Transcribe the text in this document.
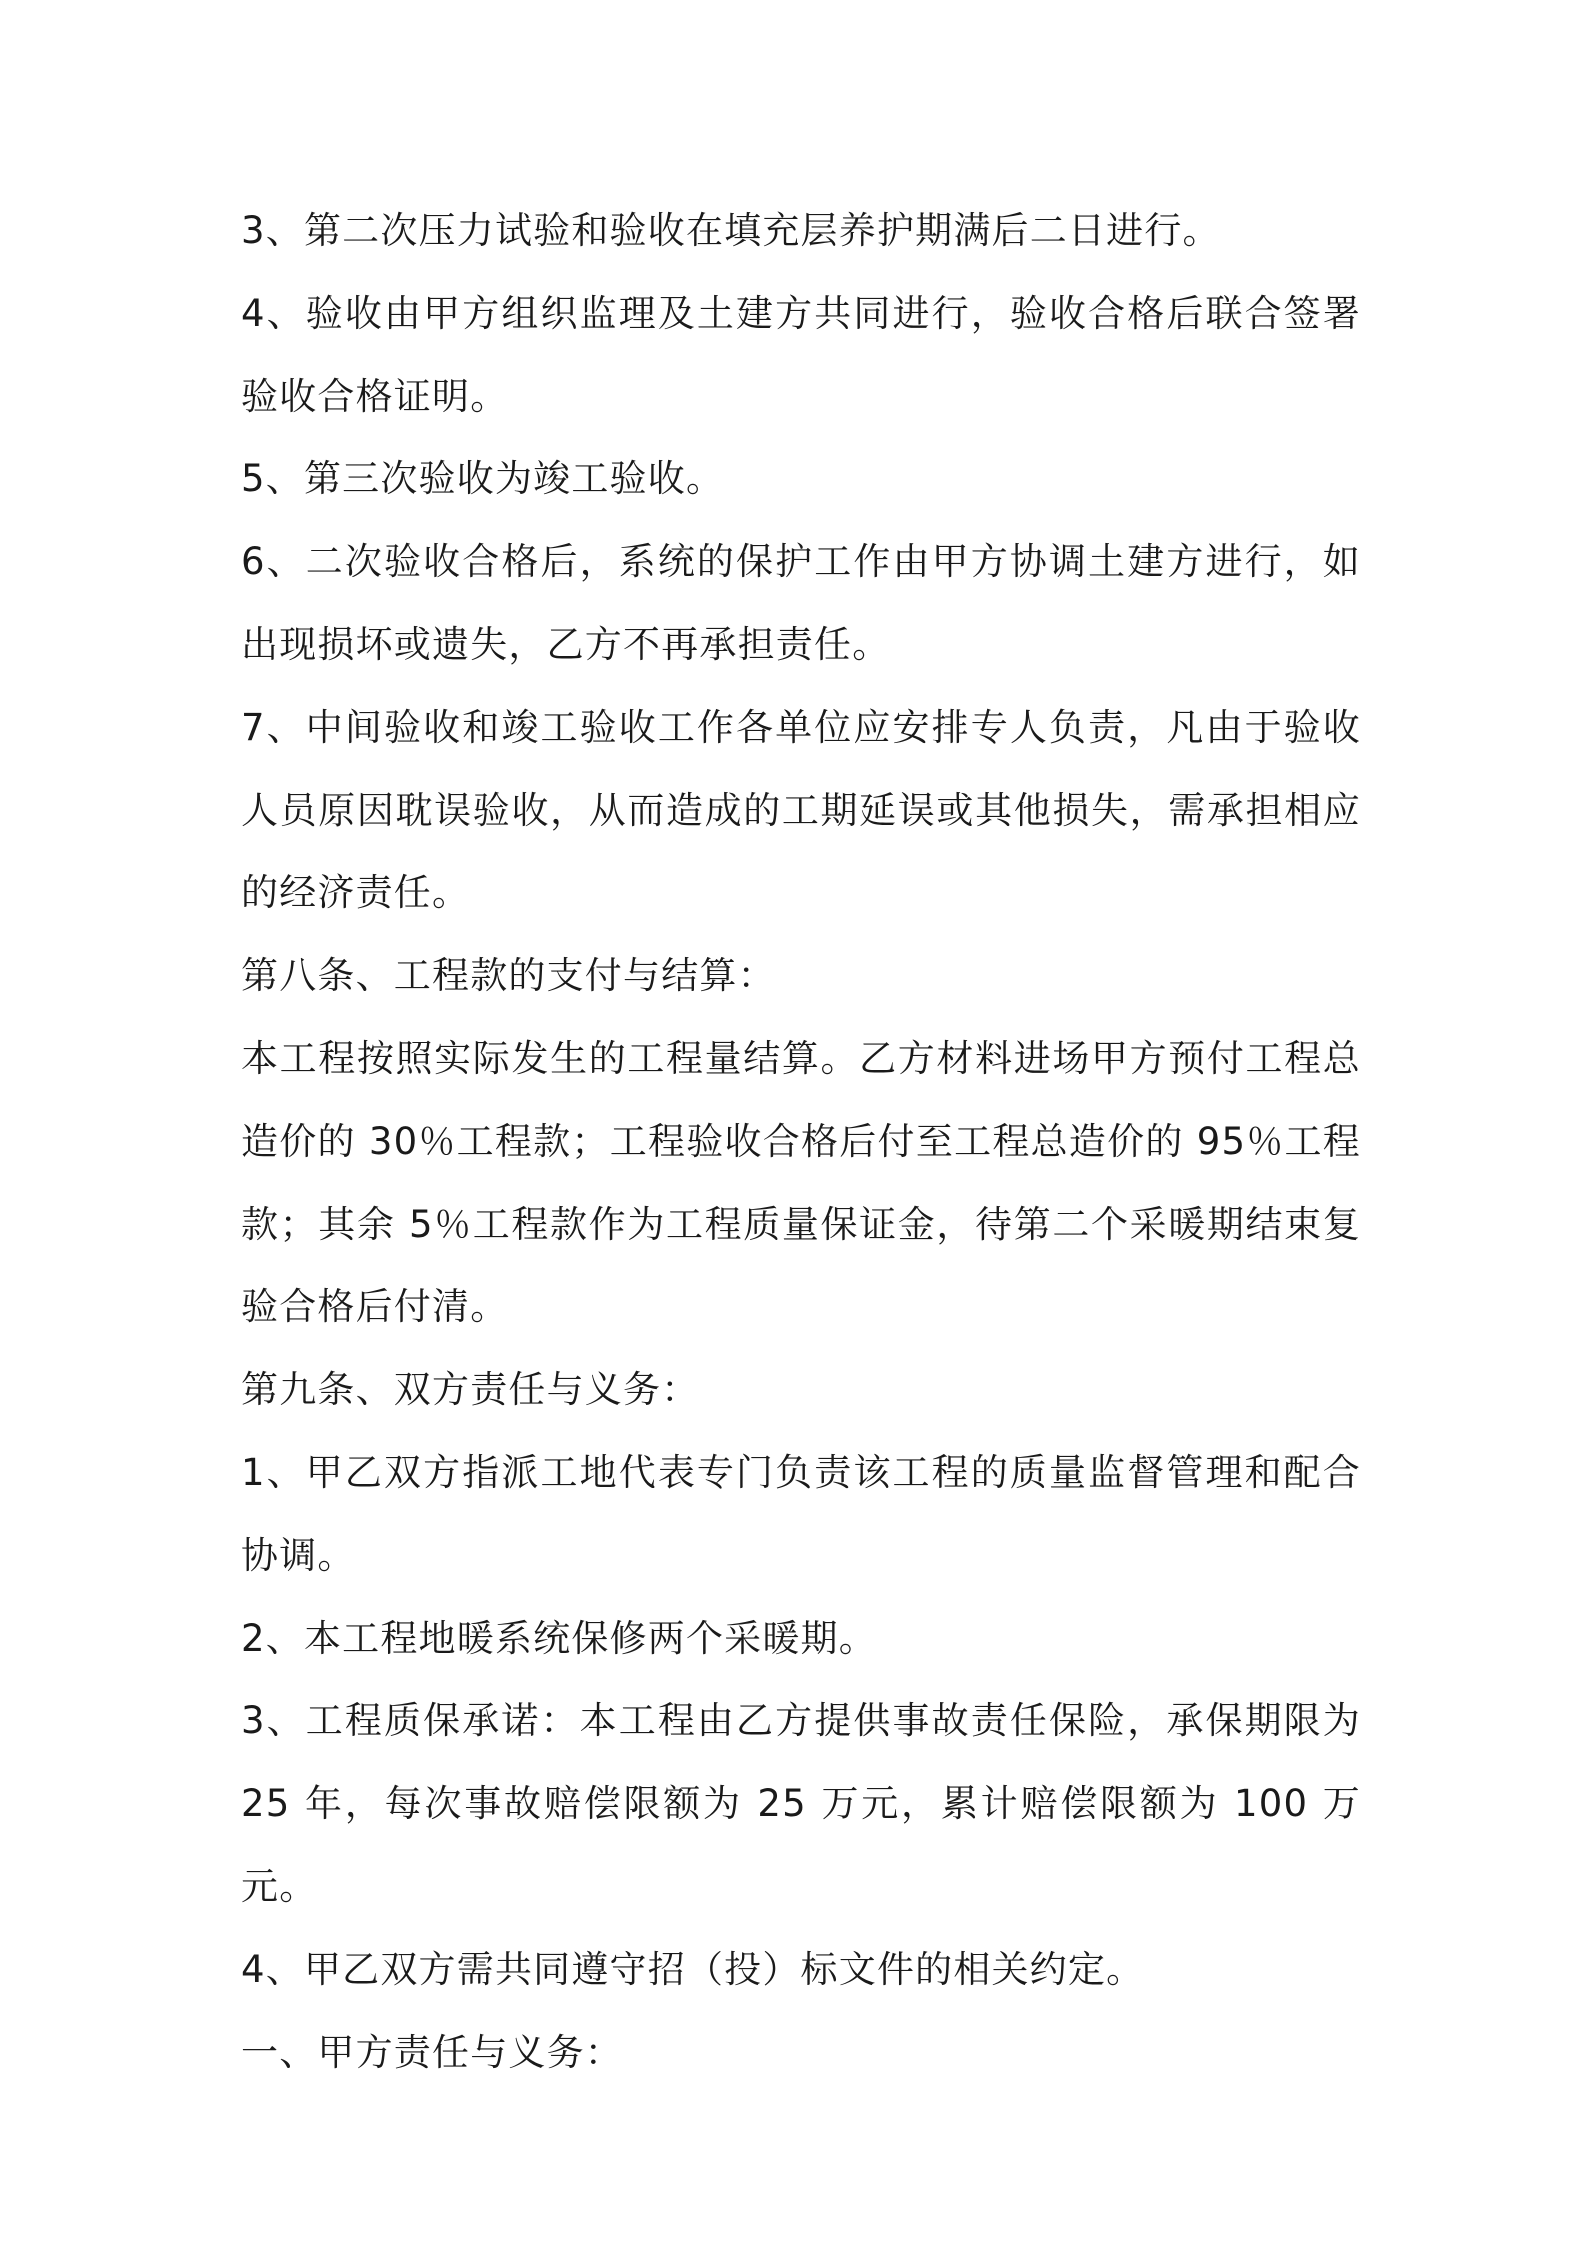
3、第二次压力试验和验收在填充层养护期满后二日进行。

4、验收由甲方组织监理及土建方共同进行，验收合格后联合签署验收合格证明。

5、第三次验收为竣工验收。

6、二次验收合格后，系统的保护工作由甲方协调土建方进行，如出现损坏或遗失，乙方不再承担责任。

7、中间验收和竣工验收工作各单位应安排专人负责，凡由于验收人员原因耽误验收，从而造成的工期延误或其他损失，需承担相应的经济责任。

第八条、工程款的支付与结算：

本工程按照实际发生的工程量结算。乙方材料进场甲方预付工程总造价的 30％工程款；工程验收合格后付至工程总造价的 95％工程款；其余 5％工程款作为工程质量保证金，待第二个采暖期结束复验合格后付清。

第九条、双方责任与义务：

1、甲乙双方指派工地代表专门负责该工程的质量监督管理和配合协调。

2、本工程地暖系统保修两个采暖期。

3、工程质保承诺：本工程由乙方提供事故责任保险，承保期限为 25 年，每次事故赔偿限额为 25 万元，累计赔偿限额为 100 万元。

4、甲乙双方需共同遵守招（投）标文件的相关约定。

一、甲方责任与义务：
